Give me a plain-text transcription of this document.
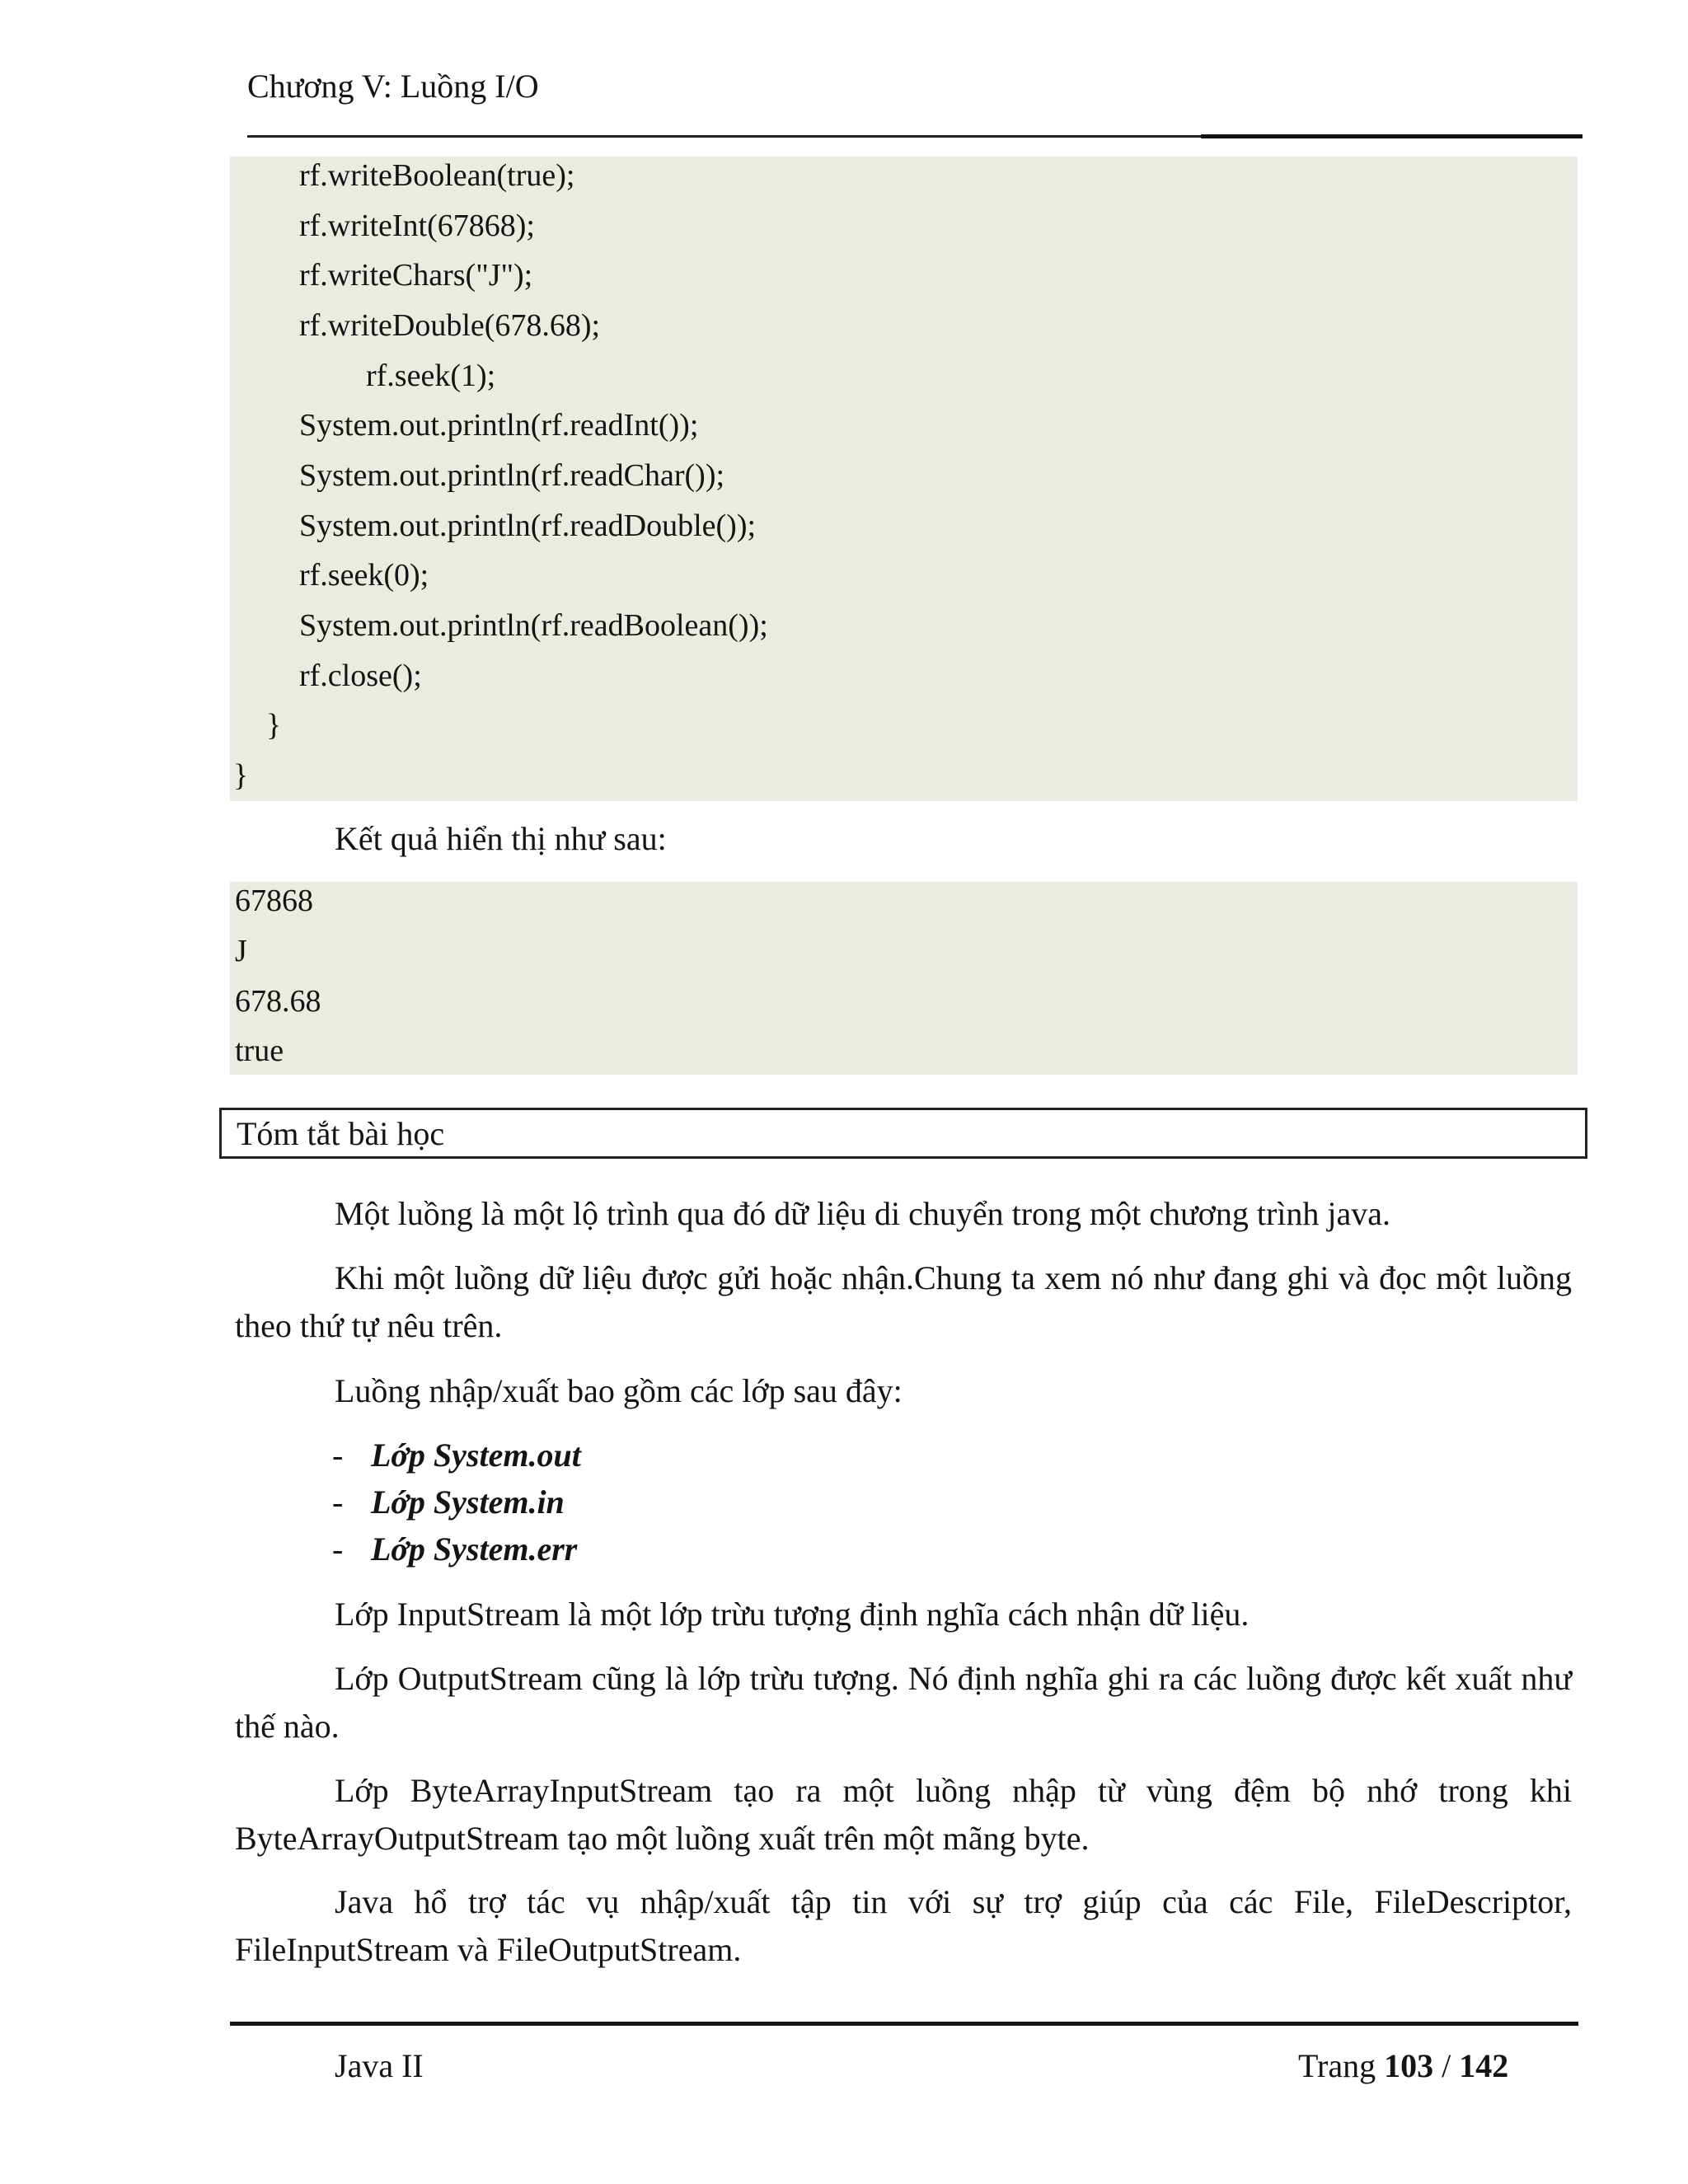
Chương V: Luồng I/O
rf.writeBoolean(true);
rf.writeInt(67868);
rf.writeChars("J");
rf.writeDouble(678.68);
rf.seek(1);
System.out.println(rf.readInt());
System.out.println(rf.readChar());
System.out.println(rf.readDouble());
rf.seek(0);
System.out.println(rf.readBoolean());
rf.close();
}
}
Kết quả hiển thị như sau:
67868
J
678.68
true
Tóm tắt bài học
Một luồng là một lộ trình qua đó dữ liệu di chuyển trong một chương trình java.
Khi một luồng dữ liệu được gửi hoặc nhận.Chung ta xem nó như đang ghi và đọc một luồng theo thứ tự nêu trên.
Luồng nhập/xuất bao gồm các lớp sau đây:
- Lớp System.out
- Lớp System.in
- Lớp System.err
Lớp InputStream là một lớp trừu tượng định nghĩa cách nhận dữ liệu.
Lớp OutputStream cũng là lớp trừu tượng. Nó định nghĩa ghi ra các luồng được kết xuất như thế nào.
Lớp ByteArrayInputStream tạo ra một luồng nhập từ vùng đệm bộ nhớ trong khi ByteArrayOutputStream tạo một luồng xuất trên một mãng byte.
Java hổ trợ tác vụ nhập/xuất tập tin với sự trợ giúp của các File, FileDescriptor, FileInputStream và FileOutputStream.
Java II	Trang 103 / 142
